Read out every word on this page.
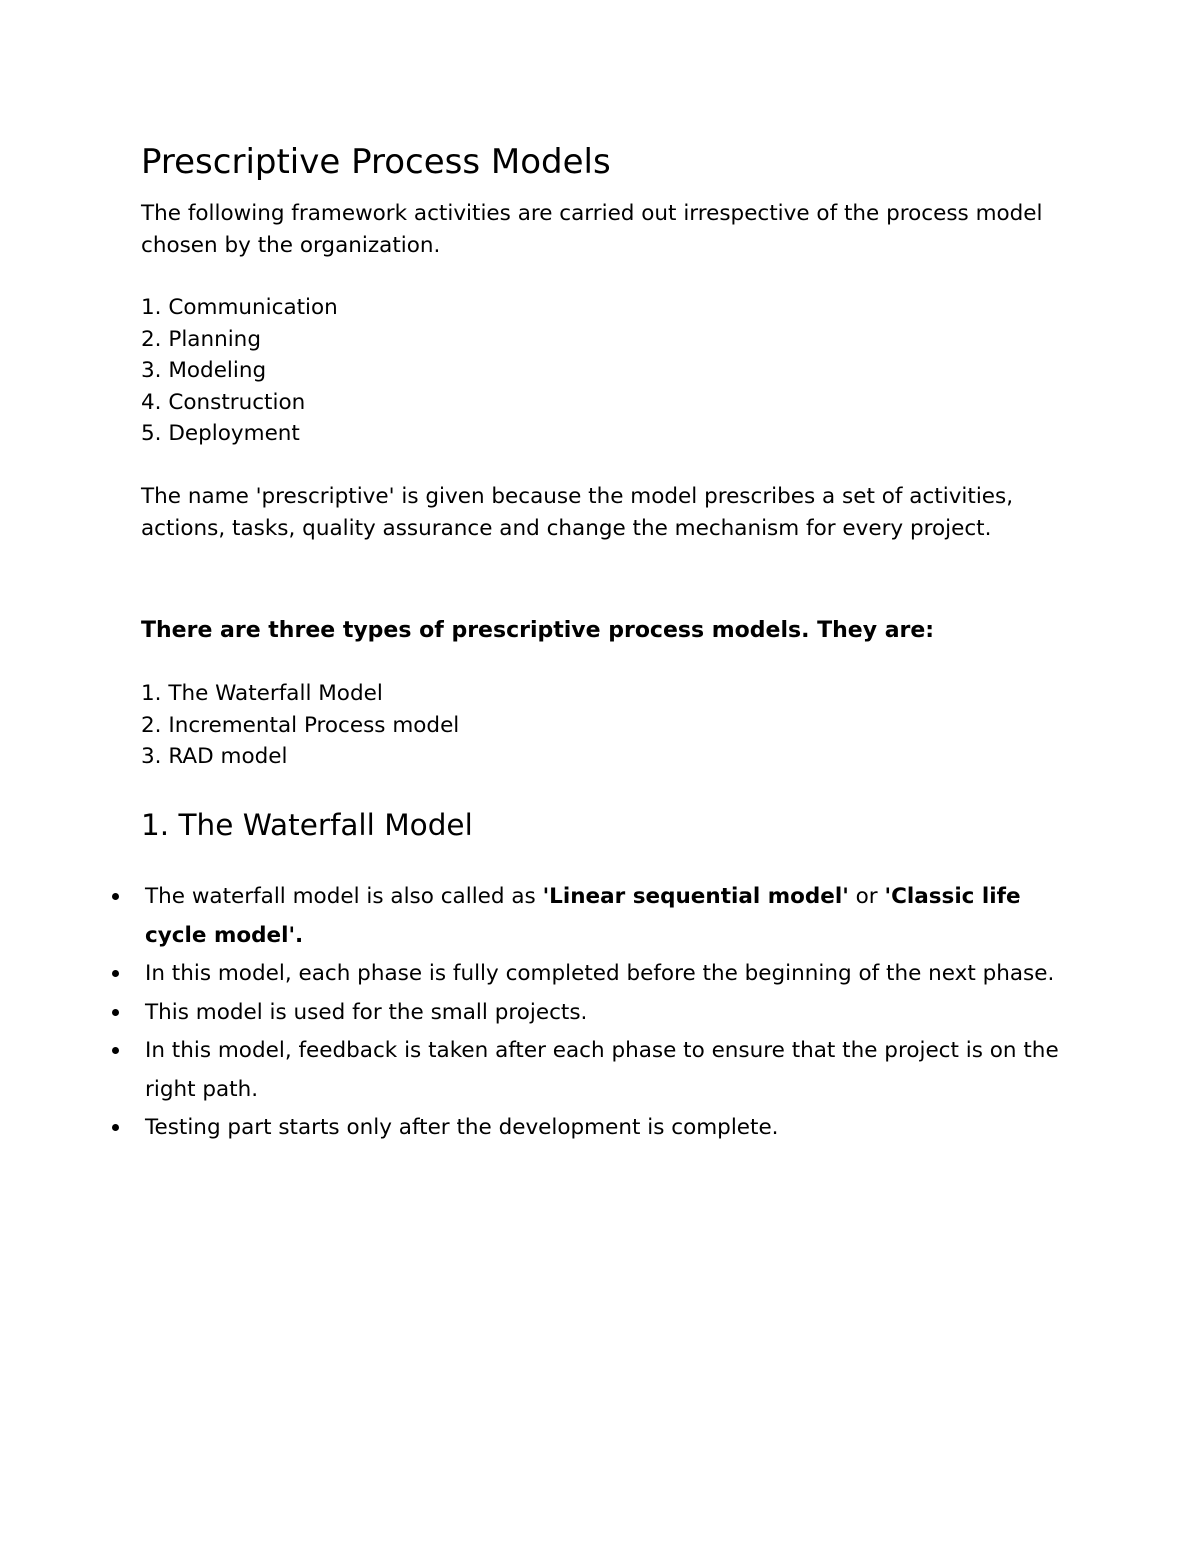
Prescriptive Process Models

The following framework activities are carried out irrespective of the process model chosen by the organization.

1. Communication
2. Planning
3. Modeling
4. Construction
5. Deployment

The name 'prescriptive' is given because the model prescribes a set of activities, actions, tasks, quality assurance and change the mechanism for every project.

There are three types of prescriptive process models. They are:
1. The Waterfall Model
2. Incremental Process model
3. RAD model
1. The Waterfall Model
The waterfall model is also called as 'Linear sequential model' or 'Classic life cycle model'.
In this model, each phase is fully completed before the beginning of the next phase.
This model is used for the small projects.
In this model, feedback is taken after each phase to ensure that the project is on the right path.
Testing part starts only after the development is complete.
